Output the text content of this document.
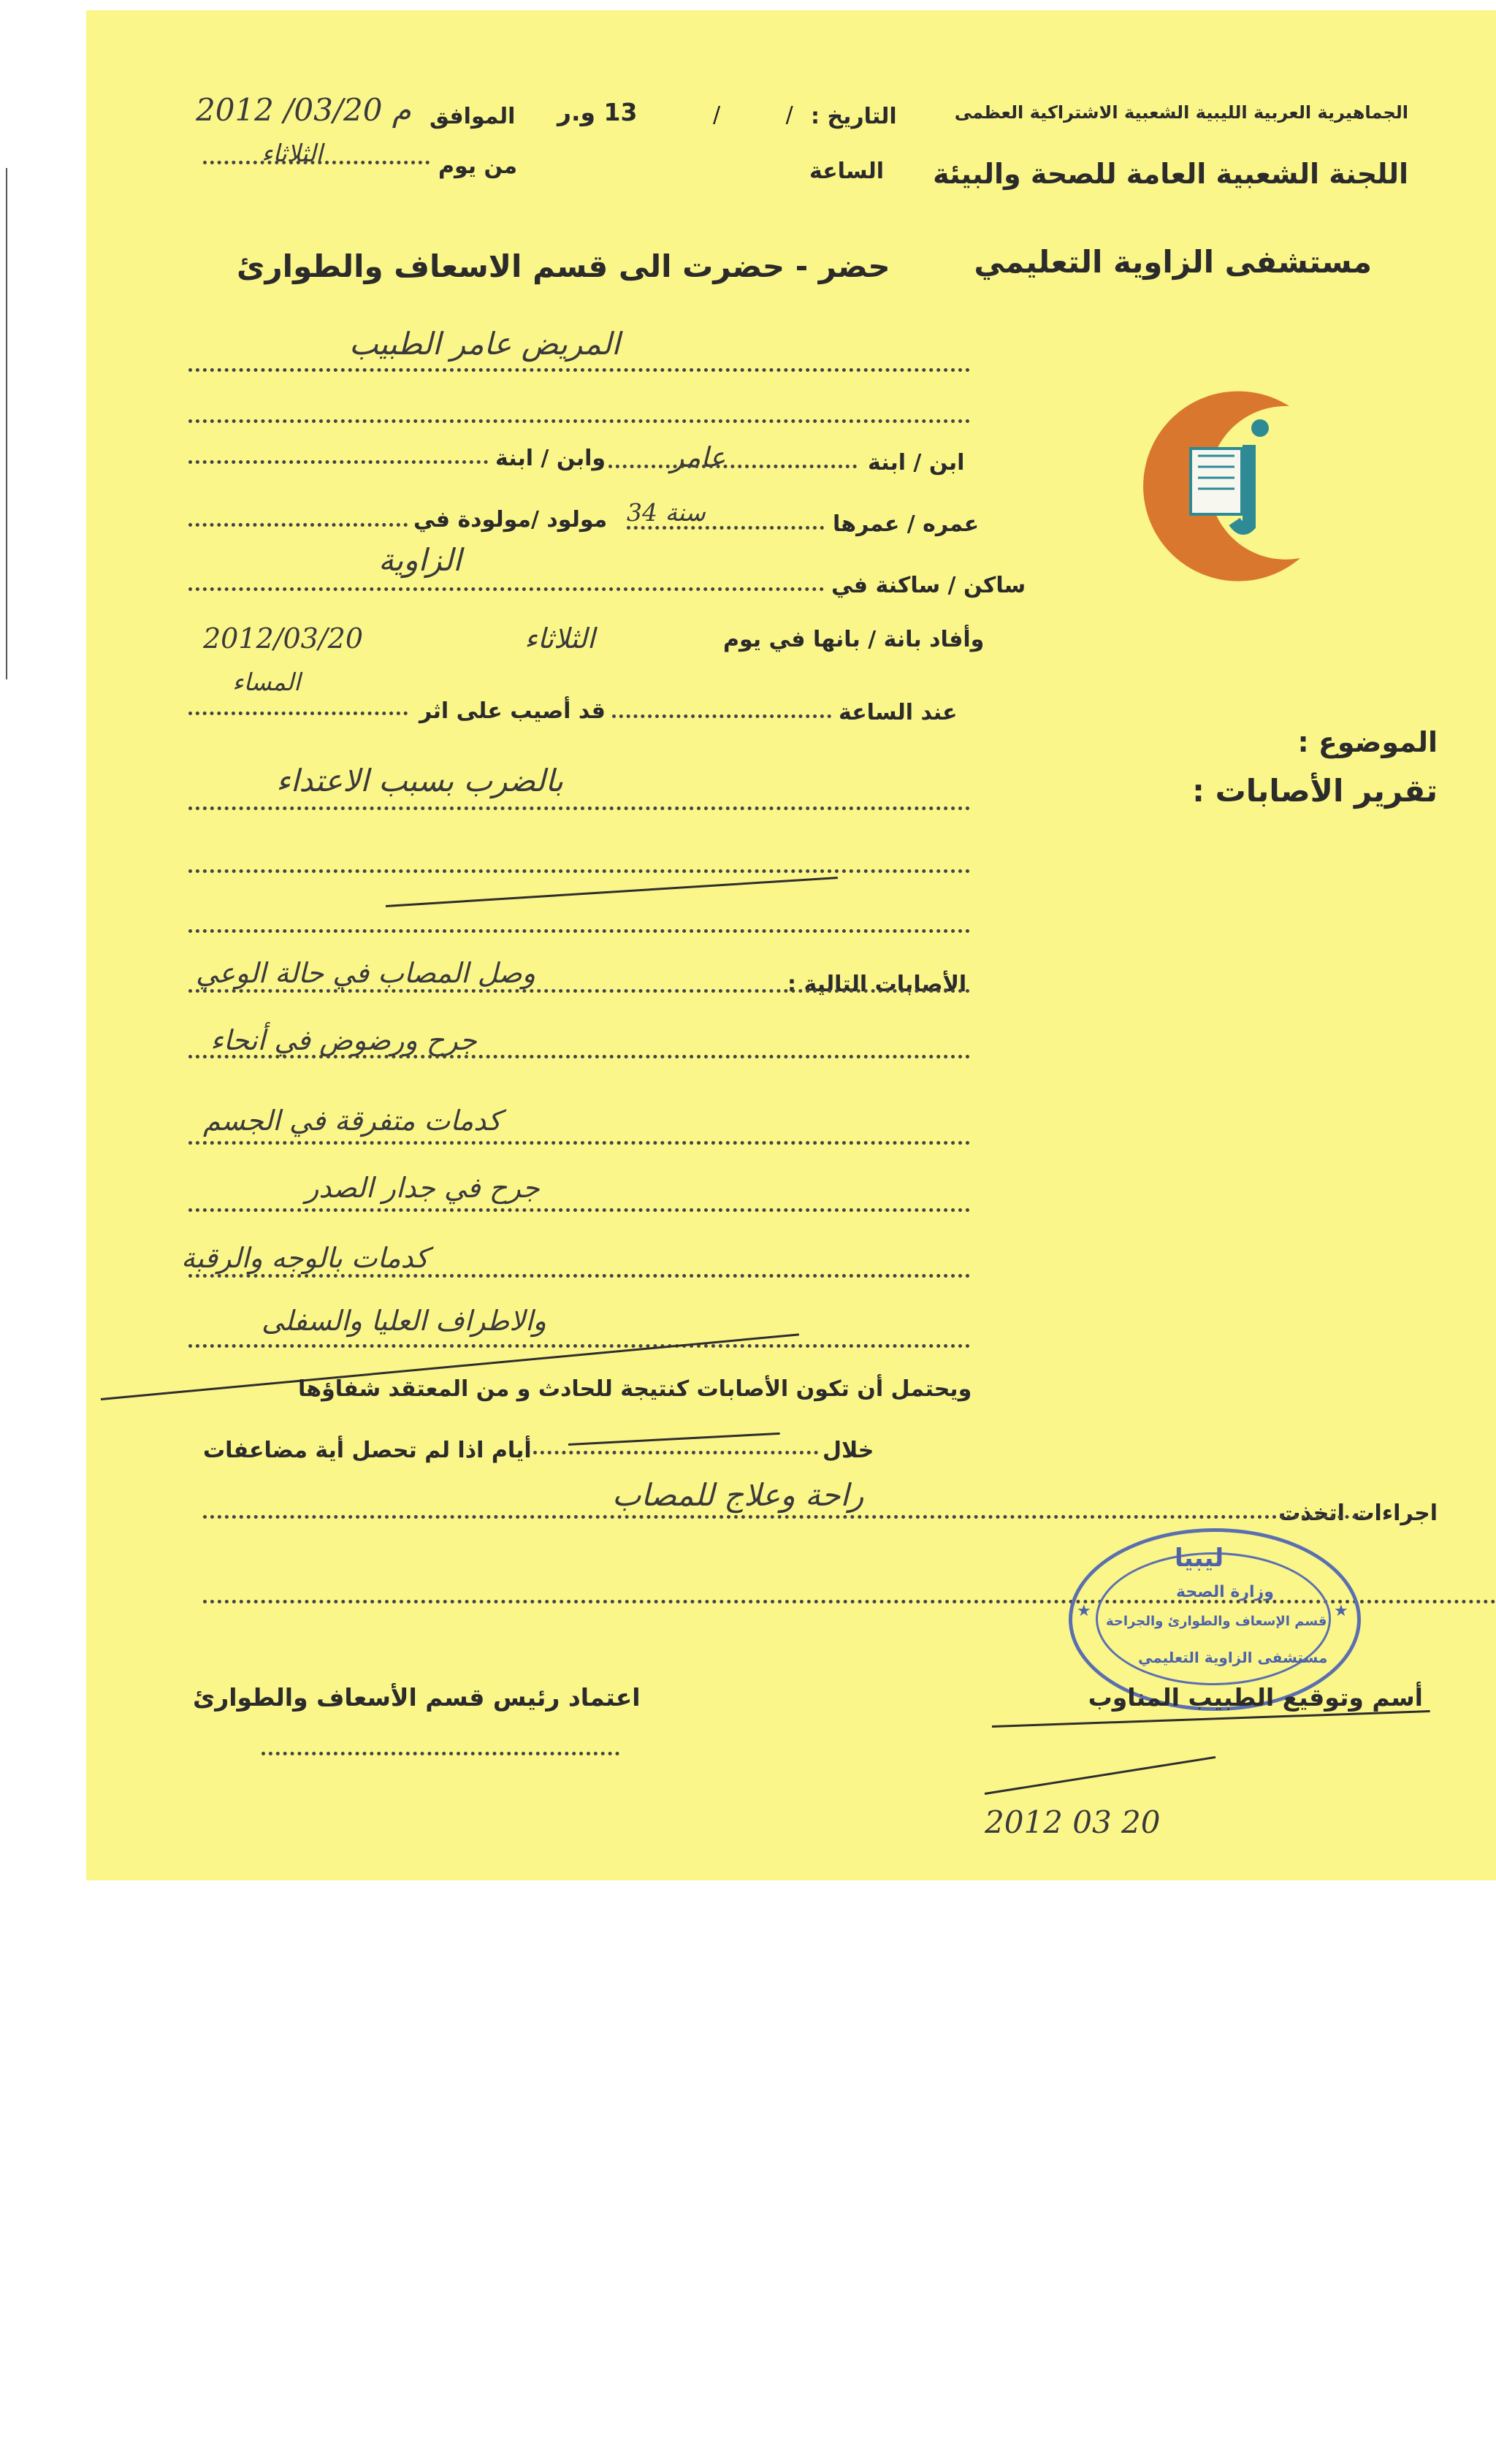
الجماهيرية العربية الليبية الشعبية الاشتراكية العظمى
اللجنة الشعبية العامة للصحة والبيئة
مستشفى الزاوية التعليمي
التاريخ :
/ /
13 و.ر
الموافق
2012 /03/20 م
الساعة
من يوم
الثلاثاء
حضر - حضرت الى قسم الاسعاف والطوارئ
المريض عامر الطبيب
ابن / ابنة
عامر
وابن / ابنة
عمره / عمرها
34 سنة
مولود /مولودة في
ساكن / ساكنة في
الزاوية
وأفاد بانة / بانها في يوم
الثلاثاء
2012/03/20
عند الساعة
قد أصيب على اثر
المساء
الموضوع :
تقرير الأصابات :
بالضرب بسبب الاعتداء
الأصابات التالية :
وصل المصاب في حالة الوعي
جرح ورضوض في أنحاء
كدمات متفرقة في الجسم
جرح في جدار الصدر
كدمات بالوجه والرقبة
والاطراف العليا والسفلى
ويحتمل أن تكون الأصابات كنتيجة للحادث و من المعتقد شفاؤها
خلال
أيام اذا لم تحصل أية مضاعفات
اجراءات اتخذت
راحة وعلاج للمصاب
ليبيا
وزارة الصحة
قسم الإسعاف والطوارئ والجراحة
مستشفى الزاوية التعليمي
★	★
أسم وتوقيع الطبيب المناوب
اعتماد رئيس قسم الأسعاف والطوارئ
2012 03 20
